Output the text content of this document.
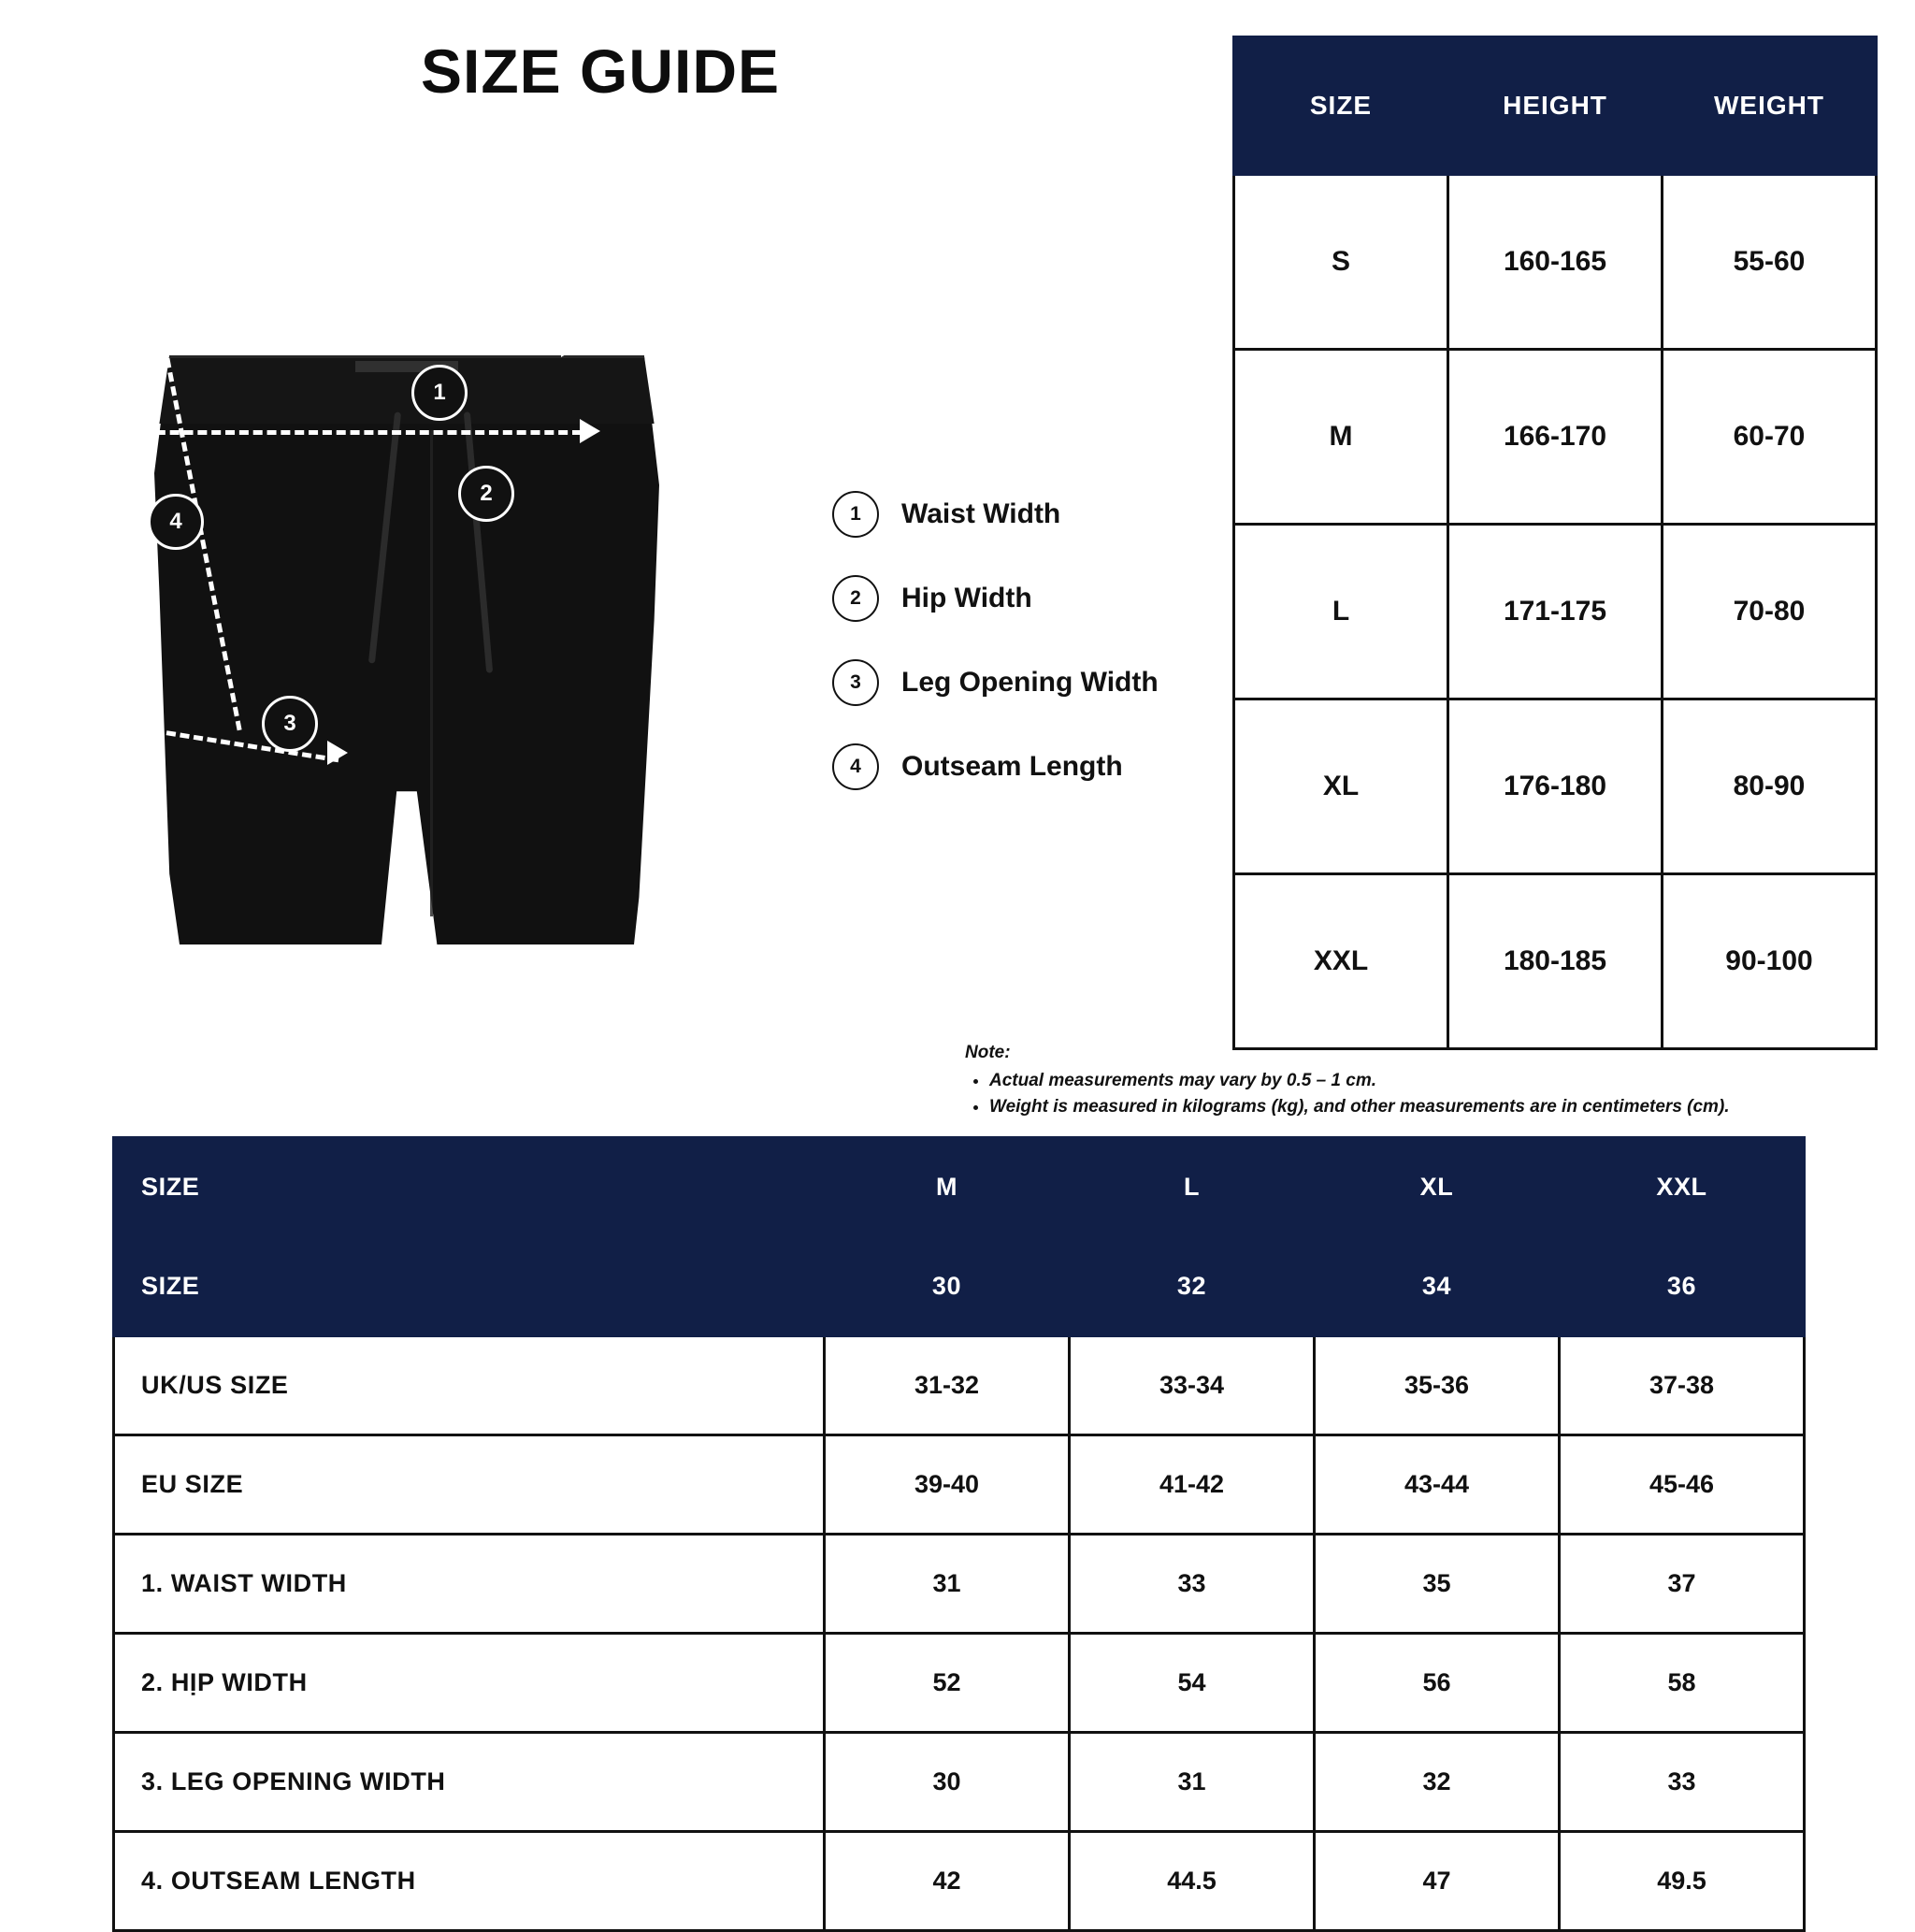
SIZE GUIDE
1
2
3
4	1	Waist Width
2	Hip Width
3	Leg Opening Width
4	Outseam Length
SIZE	HEIGHT	WEIGHT
S	160-165	55-60
M	166-170	60-70
L	171-175	70-80
XL	176-180	80-90
XXL	180-185	90-100
Note:
• Actual measurements may vary by 0.5 – 1 cm.
• Weight is measured in kilograms (kg), and other measurements are in centimeters (cm).
SIZE	M	L	XL	XXL
SIZE	30	32	34	36
UK/US SIZE	31-32	33-34	35-36	37-38
EU SIZE	39-40	41-42	43-44	45-46
1. WAIST WIDTH	31	33	35	37
2. HỊP WIDTH	52	54	56	58
3. LEG OPENING WIDTH	30	31	32	33
4. OUTSEAM LENGTH	42	44.5	47	49.5
